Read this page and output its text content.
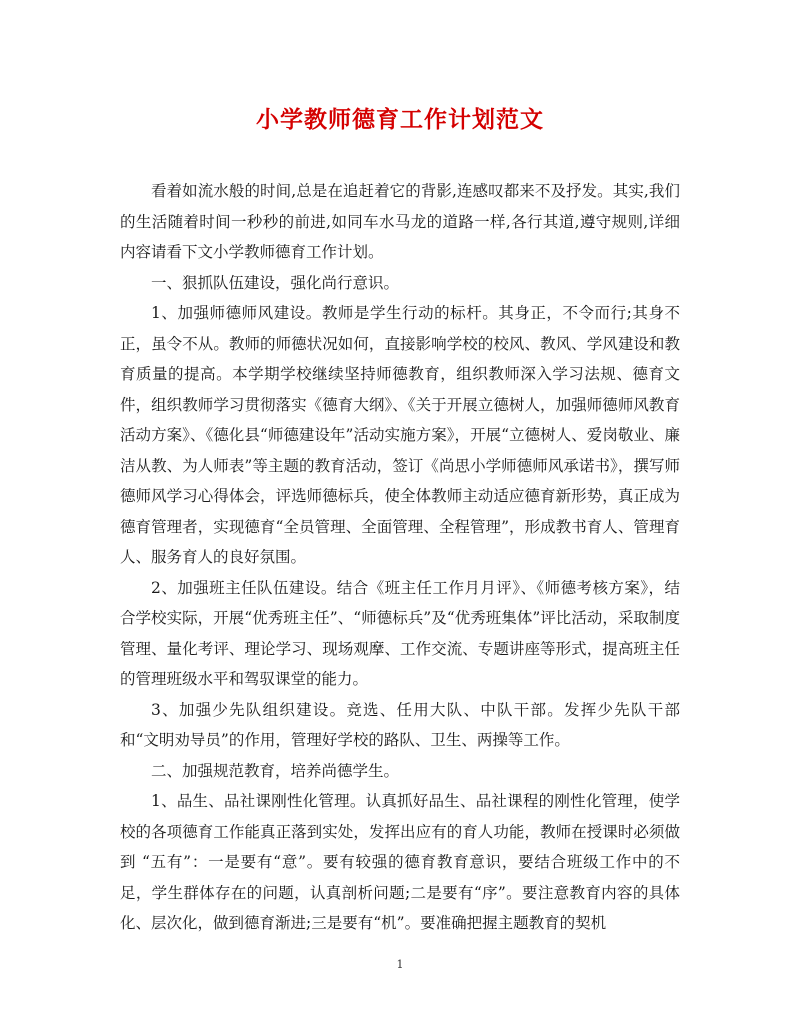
小学教师德育工作计划范文

看着如流水般的时间,总是在追赶着它的背影,连感叹都来不及抒发。其实,我们的生活随着时间一秒秒的前进,如同车水马龙的道路一样,各行其道,遵守规则,详细内容请看下文小学教师德育工作计划。

一、狠抓队伍建设，强化尚行意识。

1、加强师德师风建设。教师是学生行动的标杆。其身正，不令而行;其身不正，虽令不从。教师的师德状况如何，直接影响学校的校风、教风、学风建设和教育质量的提高。本学期学校继续坚持师德教育，组织教师深入学习法规、德育文件，组织教师学习贯彻落实《德育大纲》、《关于开展立德树人，加强师德师风教育活动方案》、《德化县“师德建设年”活动实施方案》，开展“立德树人、爱岗敬业、廉洁从教、为人师表”等主题的教育活动，签订《尚思小学师德师风承诺书》，撰写师德师风学习心得体会，评选师德标兵，使全体教师主动适应德育新形势，真正成为德育管理者，实现德育“全员管理、全面管理、全程管理”，形成教书育人、管理育人、服务育人的良好氛围。

2、加强班主任队伍建设。结合《班主任工作月月评》、《师德考核方案》，结合学校实际，开展“优秀班主任”、“师德标兵”及“优秀班集体”评比活动，采取制度管理、量化考评、理论学习、现场观摩、工作交流、专题讲座等形式，提高班主任的管理班级水平和驾驭课堂的能力。

3、加强少先队组织建设。竞选、任用大队、中队干部。发挥少先队干部和“文明劝导员”的作用，管理好学校的路队、卫生、两操等工作。

二、加强规范教育，培养尚德学生。

1、品生、品社课刚性化管理。认真抓好品生、品社课程的刚性化管理，使学校的各项德育工作能真正落到实处，发挥出应有的育人功能，教师在授课时必须做到 “五有”：一是要有“意”。要有较强的德育教育意识，要结合班级工作中的不足，学生群体存在的问题，认真剖析问题;二是要有“序”。要注意教育内容的具体化、层次化，做到德育渐进;三是要有“机”。要准确把握主题教育的契机

1
